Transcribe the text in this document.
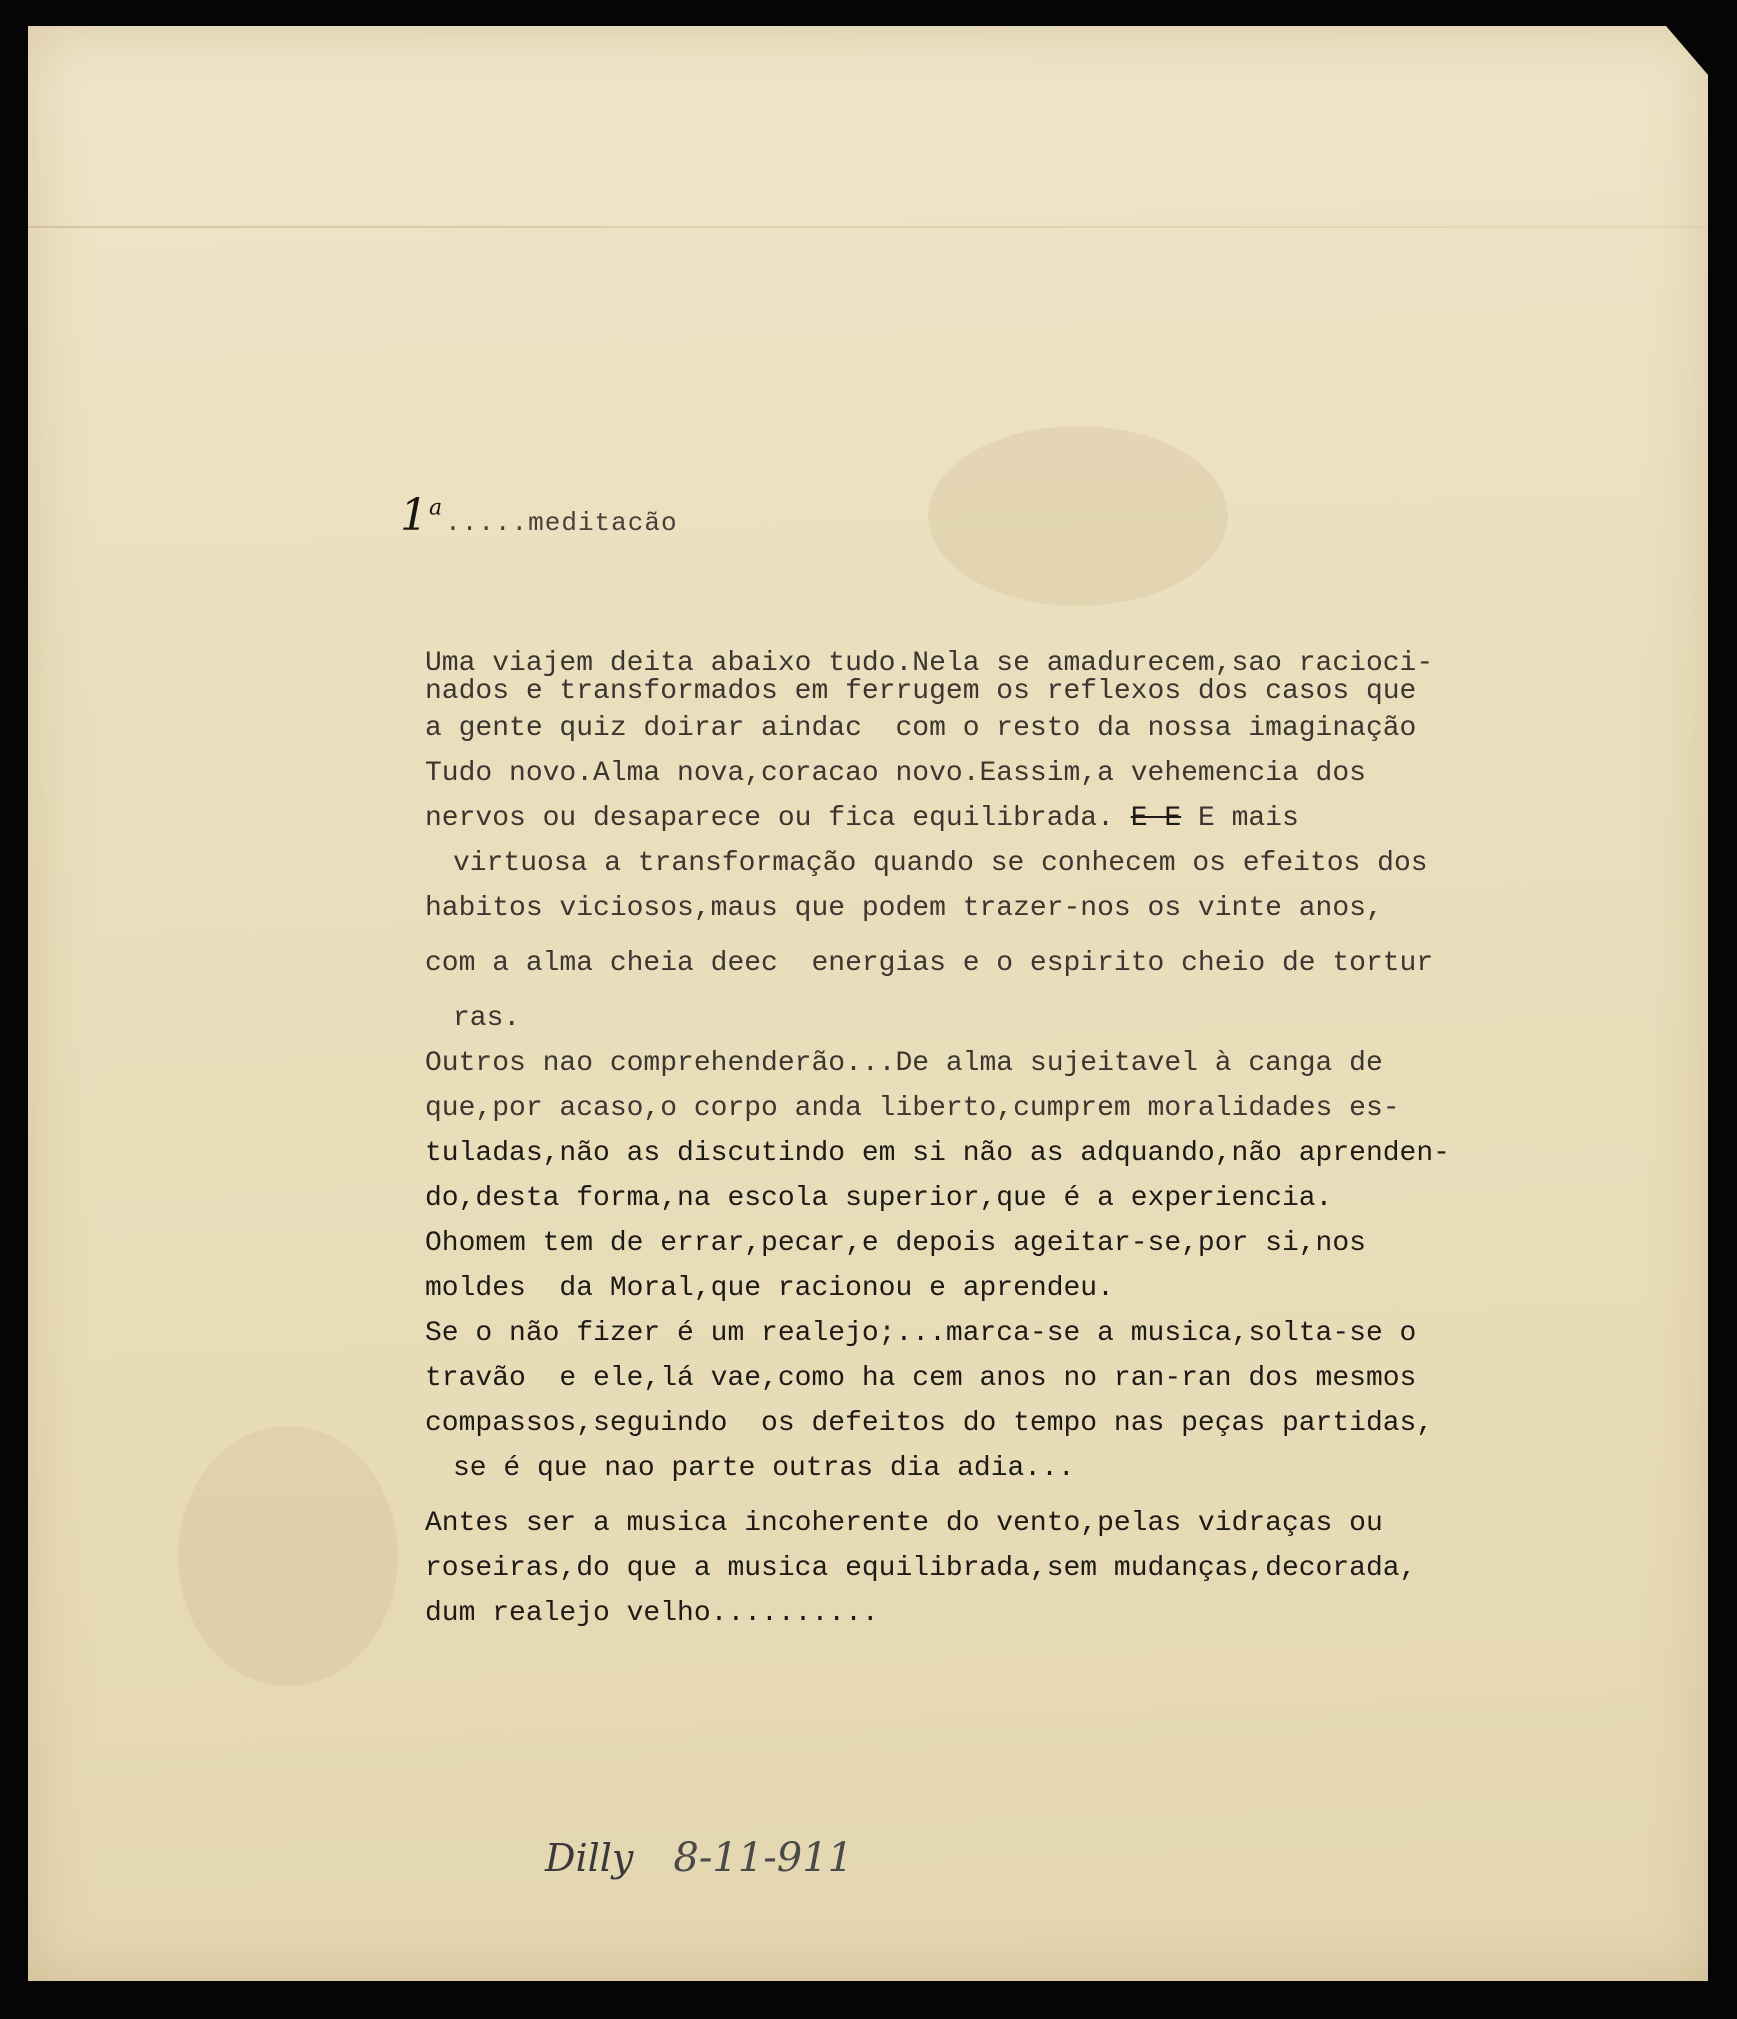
1$^a$.....meditacão
Uma viajem deita abaixo tudo.Nela se amadurecem,sao racioci-
nados e transformados em ferrugem os reflexos dos casos que
a gente quiz doirar aindac  com o resto da nossa imaginação
Tudo novo.Alma nova,coracao novo.Eassim,a vehemencia dos
nervos ou desaparece ou fica equilibrada. E E E mais
virtuosa a transformação quando se conhecem os efeitos dos
habitos viciosos,maus que podem trazer-nos os vinte anos,
com a alma cheia deec  energias e o espirito cheio de tortur
ras.
Outros nao comprehenderão...De alma sujeitavel à canga de
que,por acaso,o corpo anda liberto,cumprem moralidades es-
tuladas,não as discutindo em si não as adquando,não aprenden-
do,desta forma,na escola superior,que é a experiencia.
Ohomem tem de errar,pecar,e depois ageitar-se,por si,nos
moldes  da Moral,que racionou e aprendeu.
Se o não fizer é um realejo;...marca-se a musica,solta-se o
travão  e ele,lá vae,como ha cem anos no ran-ran dos mesmos
compassos,seguindo  os defeitos do tempo nas peças partidas,
se é que nao parte outras dia adia...
Antes ser a musica incoherente do vento,pelas vidraças ou
roseiras,do que a musica equilibrada,sem mudanças,decorada,
dum realejo velho..........
Dilly 8-11-911
